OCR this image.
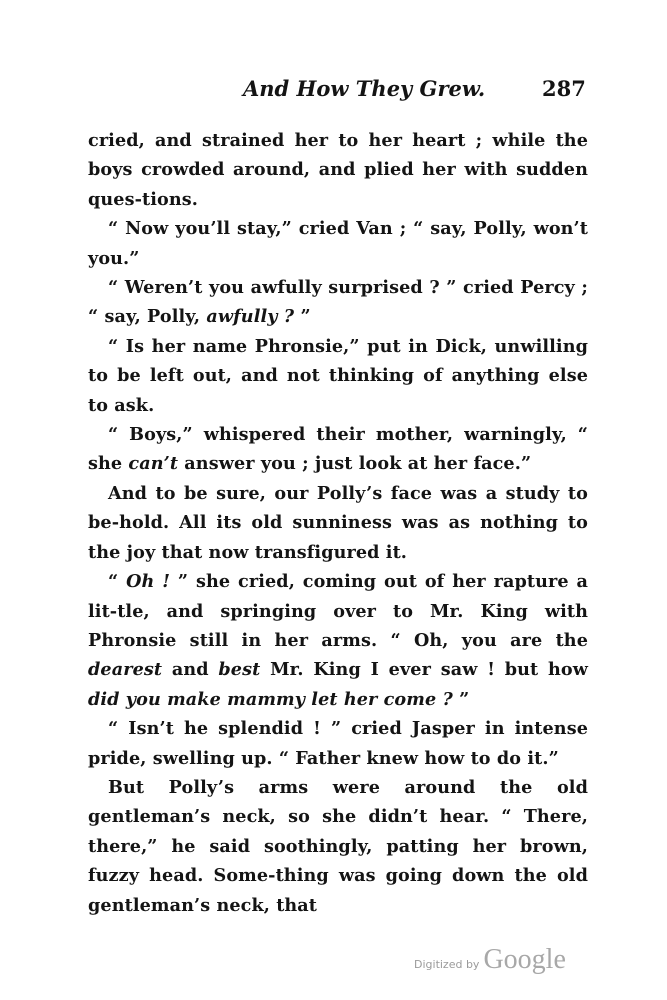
And How They Grew.	287

cried, and strained her to her heart ; while the boys crowded around, and plied her with sudden ques-tions.

“ Now you’ll stay,” cried Van ; “ say, Polly, won’t you.”

“ Weren’t you awfully surprised ? ” cried Percy ; “ say, Polly, awfully ? ”

“ Is her name Phronsie,” put in Dick, unwilling to be left out, and not thinking of anything else to ask.

“ Boys,” whispered their mother, warningly, “ she can’t answer you ; just look at her face.”

And to be sure, our Polly’s face was a study to be-hold. All its old sunniness was as nothing to the joy that now transfigured it.

“ Oh ! ” she cried, coming out of her rapture a lit-tle, and springing over to Mr. King with Phronsie still in her arms. “ Oh, you are the dearest and best Mr. King I ever saw ! but how did you make mammy let her come ? ”

“ Isn’t he splendid ! ” cried Jasper in intense pride, swelling up. “ Father knew how to do it.”

But Polly’s arms were around the old gentleman’s neck, so she didn’t hear. “ There, there,” he said soothingly, patting her brown, fuzzy head. Some-thing was going down the old gentleman’s neck, that

Digitized by Google
